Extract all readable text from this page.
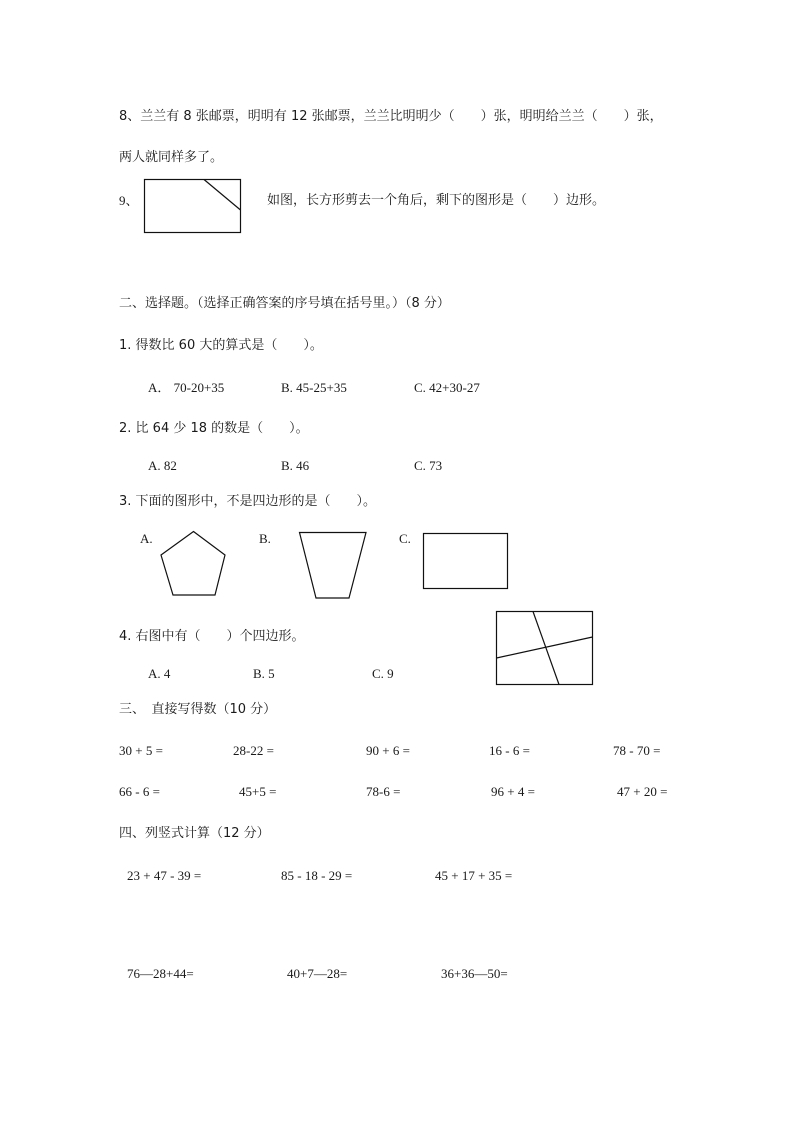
8、兰兰有 8 张邮票，明明有 12 张邮票，兰兰比明明少（　　）张，明明给兰兰（　　）张，
两人就同样多了。
9、	如图，长方形剪去一个角后，剩下的图形是（　　）边形。
二、选择题。（选择正确答案的序号填在括号里。）（8 分）
1. 得数比 60 大的算式是（　　）。
A． 70-20+35	B. 45-25+35	C. 42+30-27
2. 比 64 少 18 的数是（　　）。
A. 82	B. 46	C. 73
3. 下面的图形中，不是四边形的是（　　）。
A.	B.	C.
4. 右图中有（　　）个四边形。
A. 4	B. 5	C. 9
三、　直接写得数（10 分）
30 + 5 =	28-22 =	90 + 6 =	16 - 6 =	78 - 70 =
66 - 6 =	45+5 =	78-6 =	96 + 4 =	47 + 20 =
四、列竖式计算（12 分）
23 + 47 - 39 =	85 - 18 - 29 =	45 + 17 + 35 =
76—28+44=	40+7—28=	36+36—50=
